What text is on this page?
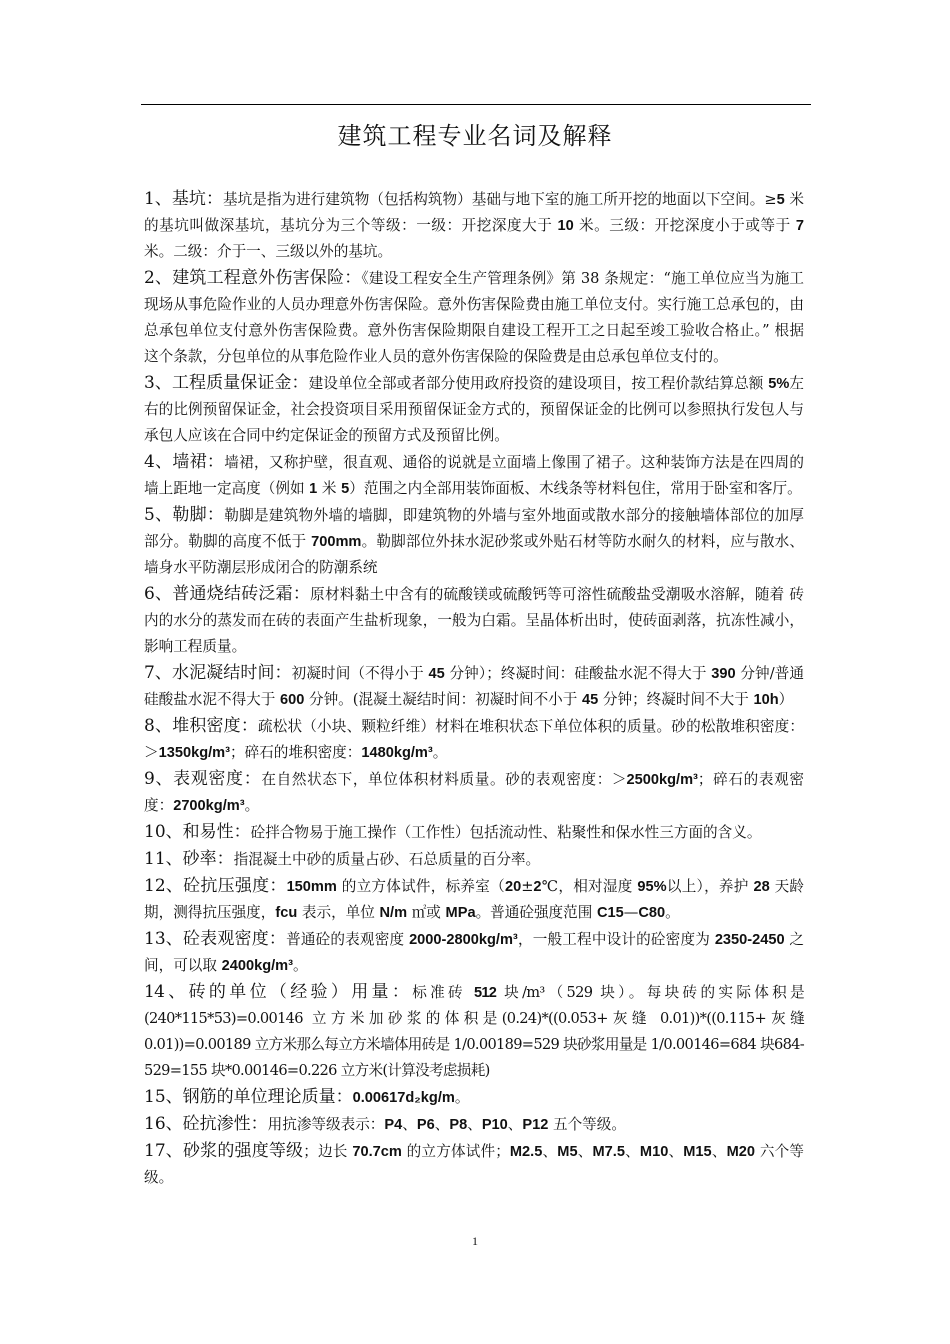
建筑工程专业名词及解释

1、基坑：基坑是指为进行建筑物（包括构筑物）基础与地下室的施工所开挖的地面以下空间。≥5 米的基坑叫做深基坑，基坑分为三个等级：一级：开挖深度大于 10 米。三级：开挖深度小于或等于 7 米。二级：介于一、三级以外的基坑。

2、建筑工程意外伤害保险：《建设工程安全生产管理条例》第 38 条规定：“施工单位应当为施工现场从事危险作业的人员办理意外伤害保险。意外伤害保险费由施工单位支付。实行施工总承包的，由总承包单位支付意外伤害保险费。意外伤害保险期限自建设工程开工之日起至竣工验收合格止。” 根据这个条款，分包单位的从事危险作业人员的意外伤害保险的保险费是由总承包单位支付的。

3、工程质量保证金：建设单位全部或者部分使用政府投资的建设项目，按工程价款结算总额 5%左右的比例预留保证金，社会投资项目采用预留保证金方式的，预留保证金的比例可以参照执行发包人与承包人应该在合同中约定保证金的预留方式及预留比例。

4、墙裙：墙裙，又称护壁，很直观、通俗的说就是立面墙上像围了裙子。这种装饰方法是在四周的墙上距地一定高度（例如 1 米 5）范围之内全部用装饰面板、木线条等材料包住，常用于卧室和客厅。

5、勒脚：勒脚是建筑物外墙的墙脚，即建筑物的外墙与室外地面或散水部分的接触墙体部位的加厚部分。勒脚的高度不低于 700mm。勒脚部位外抹水泥砂浆或外贴石材等防水耐久的材料，应与散水、墙身水平防潮层形成闭合的防潮系统

6、普通烧结砖泛霜：原材料黏土中含有的硫酸镁或硫酸钙等可溶性硫酸盐受潮吸水溶解，随着 砖内的水分的蒸发而在砖的表面产生盐析现象，一般为白霜。呈晶体析出时，使砖面剥落，抗冻性减小，影响工程质量。

7、水泥凝结时间：初凝时间（不得小于 45 分钟）；终凝时间：硅酸盐水泥不得大于 390 分钟/普通硅酸盐水泥不得大于 600 分钟。(混凝土凝结时间：初凝时间不小于 45 分钟；终凝时间不大于 10h）

8、堆积密度：疏松状（小块、颗粒纤维）材料在堆积状态下单位体积的质量。砂的松散堆积密度：＞1350kg/m³；碎石的堆积密度：1480kg/m³。

9、表观密度：在自然状态下，单位体积材料质量。砂的表观密度：＞2500kg/m³；碎石的表观密度：2700kg/m³。

10、和易性：砼拌合物易于施工操作（工作性）包括流动性、粘聚性和保水性三方面的含义。

11、砂率：指混凝土中砂的质量占砂、石总质量的百分率。

12、砼抗压强度：150mm 的立方体试件，标养室（20±2℃，相对湿度 95%以上），养护 28 天龄期，测得抗压强度，fcu 表示，单位 N/m ㎡或 MPa。普通砼强度范围 C15—C80。

13、砼表观密度：普通砼的表观密度 2000-2800kg/m³，一般工程中设计的砼密度为 2350-2450 之间，可以取 2400kg/m³。

14、砖的单位（经验）用量：标准砖 512 块/m³（529 块）。每块砖的实际体积是(240*115*53)=0.00146 立方米加砂浆的体积是(0.24)*((0.053+灰缝 0.01))*((0.115+灰缝 0.01))=0.00189 立方米那么每立方米墙体用砖是 1/0.00189=529 块砂浆用量是 1/0.00146=684 块684-529=155 块*0.00146=0.226 立方米(计算没考虑损耗)

15、钢筋的单位理论质量：0.00617d₂kg/m。

16、砼抗渗性：用抗渗等级表示：P4、P6、P8、P10、P12 五个等级。

17、砂浆的强度等级；边长 70.7cm 的立方体试件；M2.5、M5、M7.5、M10、M15、M20 六个等级。

1
